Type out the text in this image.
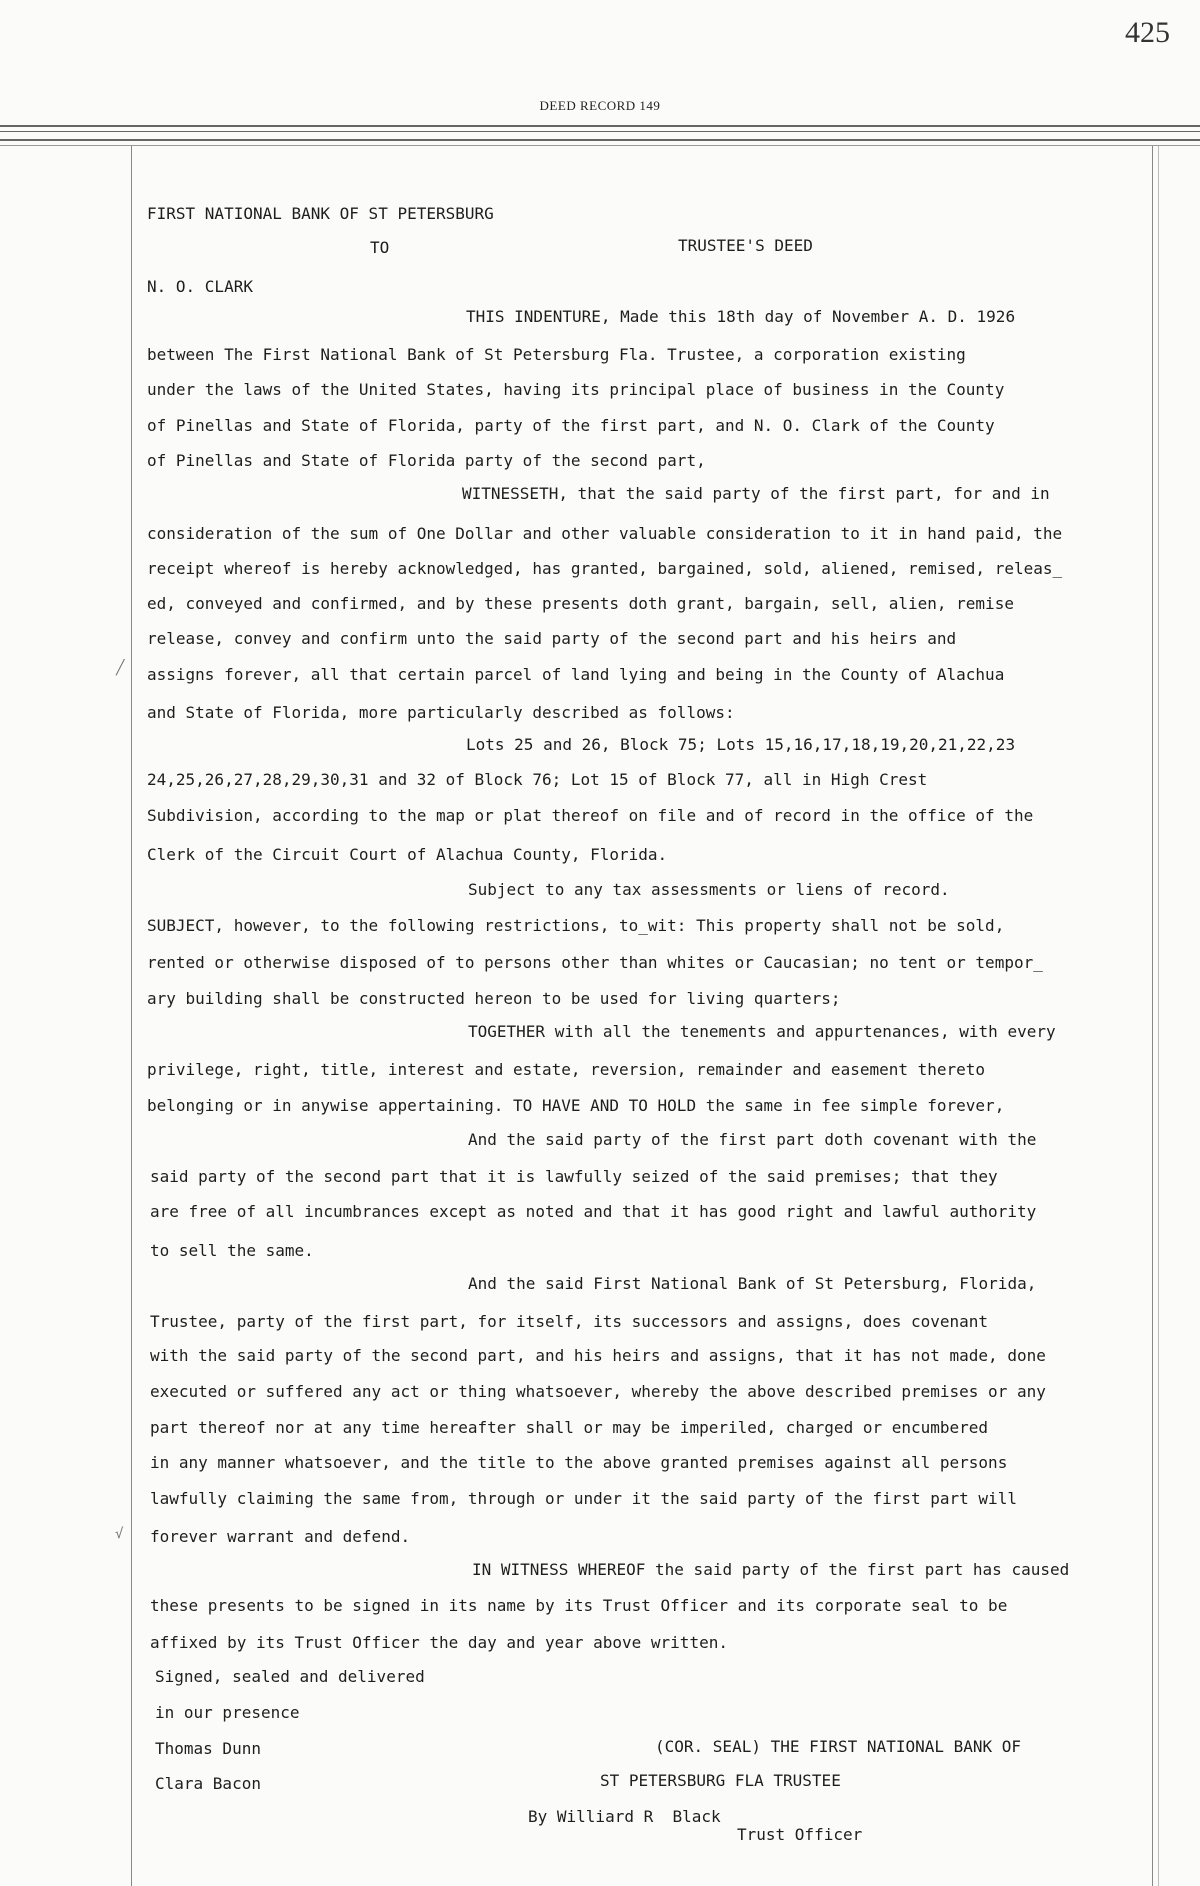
425
DEED RECORD 149
╱
√
FIRST NATIONAL BANK OF ST PETERSBURG
TO	TRUSTEE'S DEED
N. O. CLARK
THIS INDENTURE, Made this 18th day of November A. D. 1926
between The First National Bank of St Petersburg Fla. Trustee, a corporation existing
under the laws of the United States, having its principal place of business in the County
of Pinellas and State of Florida, party of the first part, and N. O. Clark of the County
of Pinellas and State of Florida party of the second part,
WITNESSETH, that the said party of the first part, for and in
consideration of the sum of One Dollar and other valuable consideration to it in hand paid, the
receipt whereof is hereby acknowledged, has granted, bargained, sold, aliened, remised, releas_
ed, conveyed and confirmed, and by these presents doth grant, bargain, sell, alien, remise
release, convey and confirm unto the said party of the second part and his heirs and
assigns forever, all that certain parcel of land lying and being in the County of Alachua
and State of Florida, more particularly described as follows:
Lots 25 and 26, Block 75; Lots 15,16,17,18,19,20,21,22,23
24,25,26,27,28,29,30,31 and 32 of Block 76; Lot 15 of Block 77, all in High Crest
Subdivision, according to the map or plat thereof on file and of record in the office of the
Clerk of the Circuit Court of Alachua County, Florida.
Subject to any tax assessments or liens of record.
SUBJECT, however, to the following restrictions, to_wit: This property shall not be sold,
rented or otherwise disposed of to persons other than whites or Caucasian; no tent or tempor_
ary building shall be constructed hereon to be used for living quarters;
TOGETHER with all the tenements and appurtenances, with every
privilege, right, title, interest and estate, reversion, remainder and easement thereto
belonging or in anywise appertaining. TO HAVE AND TO HOLD the same in fee simple forever,
And the said party of the first part doth covenant with the
said party of the second part that it is lawfully seized of the said premises; that they
are free of all incumbrances except as noted and that it has good right and lawful authority
to sell the same.
And the said First National Bank of St Petersburg, Florida,
Trustee, party of the first part, for itself, its successors and assigns, does covenant
with the said party of the second part, and his heirs and assigns, that it has not made, done
executed or suffered any act or thing whatsoever, whereby the above described premises or any
part thereof nor at any time hereafter shall or may be imperiled, charged or encumbered
in any manner whatsoever, and the title to the above granted premises against all persons
lawfully claiming the same from, through or under it the said party of the first part will
forever warrant and defend.
IN WITNESS WHEREOF the said party of the first part has caused
these presents to be signed in its name by its Trust Officer and its corporate seal to be
affixed by its Trust Officer the day and year above written.
Signed, sealed and delivered
in our presence
Thomas Dunn
Clara Bacon
(COR. SEAL) THE FIRST NATIONAL BANK OF
ST PETERSBURG FLA TRUSTEE
By Williard R  Black
Trust Officer
